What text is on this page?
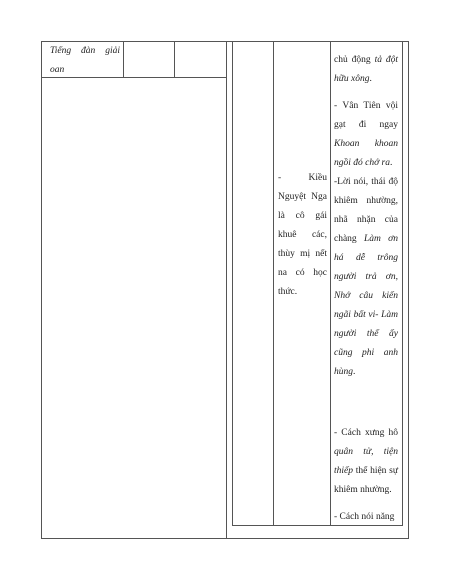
Tiếng đàn giải oan
- Kiều Nguyệt Nga là cô gái khuê các, thùy mị nết na có học thức.

chủ động tả đột hữu xông.

- Vân Tiên vội gạt đi ngay Khoan khoan ngồi đó chớ ra.

-Lời nói, thái độ khiêm nhường, nhã nhặn của chàng Làm ơn há dễ trông người trả ơn, Nhớ câu kiến ngãi bất vi- Làm người thế ấy cũng phi anh hùng.

- Cách xưng hô quân tử, tiện thiếp thể hiện sự khiêm nhường.

- Cách nói năng
